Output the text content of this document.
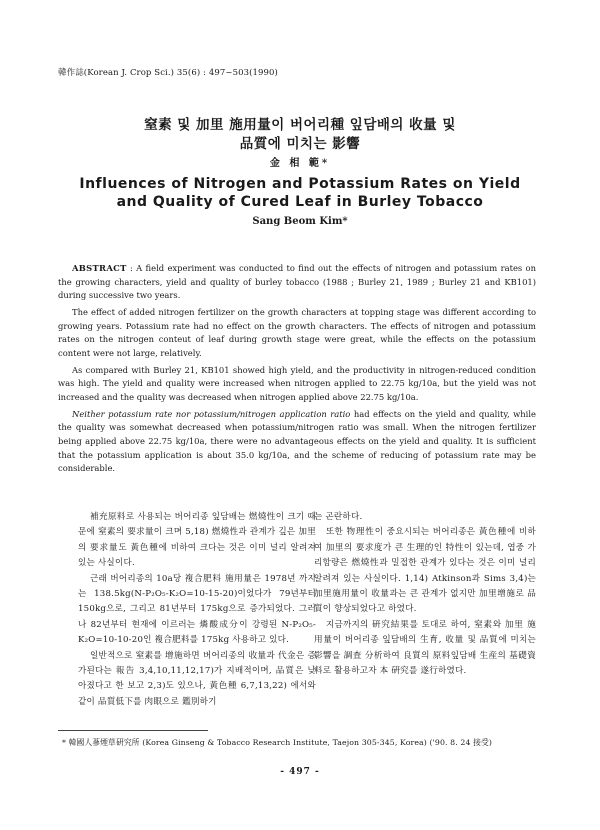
韓作誌(Korean J. Crop Sci.) 35(6) : 497~503(1990)
窒素 및 加里 施用量이 버어리種 잎담배의 收量 및
品質에 미치는 影響
金 相 範*
Influences of Nitrogen and Potassium Rates on Yield
and Quality of Cured Leaf in Burley Tobacco
Sang Beom Kim*

ABSTRACT : A field experiment was conducted to find out the effects of nitrogen and potassium rates on the growing characters, yield and quality of burley tobacco (1988 ; Burley 21, 1989 ; Burley 21 and KB101) during successive two years.

The effect of added nitrogen fertilizer on the growth characters at topping stage was different according to growing years. Potassium rate had no effect on the growth characters. The effects of nitrogen and potassium rates on the nitrogen conteut of leaf during growth stage were great, while the effects on the potassium content were not large, relatively.

As compared with Burley 21, KB101 showed high yield, and the productivity in nitrogen-reduced condition was high. The yield and quality were increased when nitrogen applied to 22.75 kg/10a, but the yield was not increased and the quality was decreased when nitrogen applied above 22.75 kg/10a.

Neither potassium rate nor potassium/nitrogen application ratio had effects on the yield and quality, while the quality was somewhat decreased when potassium/nitrogen ratio was small. When the nitrogen fertilizer being applied above 22.75 kg/10a, there were no advantageous effects on the yield and quality. It is sufficient that the potassium application is about 35.0 kg/10a, and the scheme of reducing of potassium rate may be considerable.

補充原料로 사용되는 버어리종 잎담배는 燃燒性이 크기 때문에 窒素의 要求量이 크며 5,18) 燃燒性과 관계가 깊은 加里의 要求量도 黃色種에 비하여 크다는 것은 이미 널리 알려져 있는 사실이다.

근래 버어리종의 10a당 複合肥料 施用量은 1978년 까지는 138.5kg(N-P₂O₅-K₂O=10-15-20)이었다가 79년부터 150kg으로, 그리고 81년부터 175kg으로 증가되었다. 그러나 82년부터 현재에 이르러는 燐酸成分이 강령된 N-P₂O₅-K₂O=10-10-20인 複合肥料를 175kg 사용하고 있다.

일반적으로 窒素를 增施하면 버어리종의 收量과 代金은 증가된다는 報告 3,4,10,11,12,17)가 지배적이며, 品質은 낮아졌다고 한 보고 2,3)도 있으나, 黃色種 6,7,13,22) 에서와 같이 品質低下를 肉眼으로 鑑別하기

는 곤란하다.

또한 物理性이 중요시되는 버어리종은 黃色種에 비하여 加里의 要求度가 큰 生理的인 特性이 있는데, 엽중 가리함량은 燃燒性과 밀접한 관계가 있다는 것은 이미 널리 알려져 있는 사실이다. 1,14) Atkinson과 Sims 3,4)는 加里施用量이 收量과는 큰 관계가 없지만 加里增施로 品質이 향상되었다고 하였다.

지금까지의 硏究結果를 토대로 하여, 窒素와 加里 施用量이 버어리종 잎담배의 生育, 收量 및 品質에 미치는 影響을 調査 分析하여 良質의 原料잎담배 生産의 基礎資料로 활용하고자 本 硏究를 遂行하였다.

* 韓國人蔘煙草硏究所 (Korea Ginseng & Tobacco Research Institute, Taejon 305-345, Korea) ('90. 8. 24 接受)
- 497 -
